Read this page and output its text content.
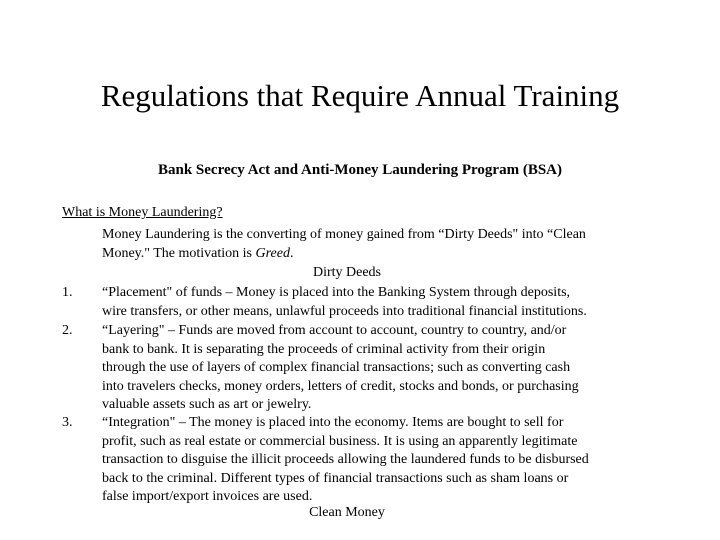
Regulations that Require Annual Training
Bank Secrecy Act and Anti-Money Laundering Program (BSA)
What is Money Laundering?
Money Laundering is the converting of money gained from “Dirty Deeds" into “Clean
Money." The motivation is Greed.
Dirty Deeds
1. “Placement" of funds – Money is placed into the Banking System through deposits,
wire transfers, or other means, unlawful proceeds into traditional financial institutions.
2. “Layering" – Funds are moved from account to account, country to country, and/or
bank to bank. It is separating the proceeds of criminal activity from their origin
through the use of layers of complex financial transactions; such as converting cash
into travelers checks, money orders, letters of credit, stocks and bonds, or purchasing
valuable assets such as art or jewelry.
3. “Integration" – The money is placed into the economy. Items are bought to sell for
profit, such as real estate or commercial business. It is using an apparently legitimate
transaction to disguise the illicit proceeds allowing the laundered funds to be disbursed
back to the criminal. Different types of financial transactions such as sham loans or
false import/export invoices are used.
Clean Money
